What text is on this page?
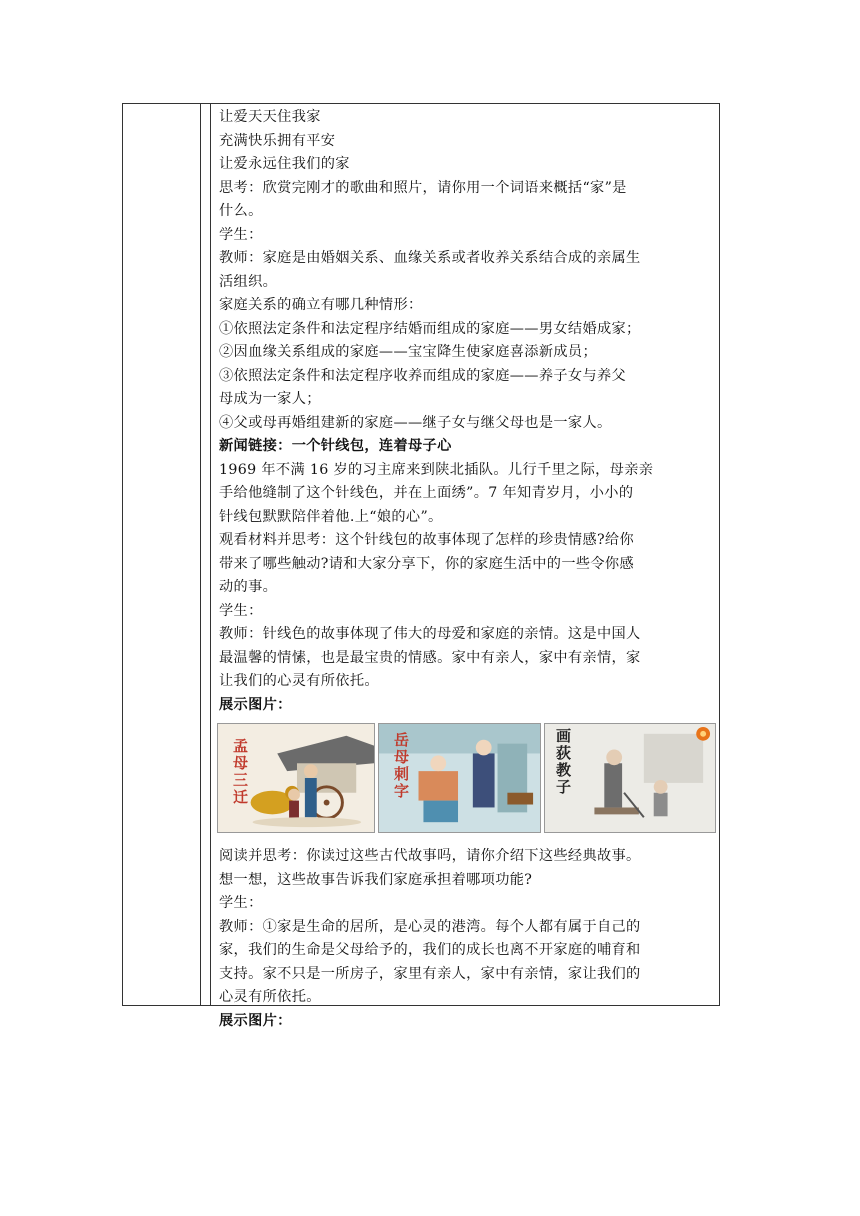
让爱天天住我家
充满快乐拥有平安
让爱永远住我们的家
思考：欣赏完刚才的歌曲和照片，请你用一个词语来概括“家”是
什么。
学生：
教师：家庭是由婚姻关系、血缘关系或者收养关系结合成的亲属生
活组织。
家庭关系的确立有哪几种情形：
①依照法定条件和法定程序结婚而组成的家庭——男女结婚成家；
②因血缘关系组成的家庭——宝宝降生使家庭喜添新成员；
③依照法定条件和法定程序收养而组成的家庭——养子女与养父
母成为一家人；
④父或母再婚组建新的家庭——继子女与继父母也是一家人。
新闻链接：一个针线包，连着母子心
1969 年不满 16 岁的习主席来到陕北插队。儿行千里之际，母亲亲
手给他缝制了这个针线色，并在上面绣”。7 年知青岁月，小小的
针线包默默陪伴着他.上“娘的心”。
观看材料并思考：这个针线包的故事体现了怎样的珍贵情感?给你
带来了哪些触动?请和大家分享下，你的家庭生活中的一些令你感
动的事。
学生：
教师：针线色的故事体现了伟大的母爱和家庭的亲情。这是中国人
最温馨的情愫，也是最宝贵的情感。家中有亲人，家中有亲情，家
让我们的心灵有所依托。
展示图片：
孟母三迁	岳母刺字	画荻教子
阅读并思考：你读过这些古代故事吗，请你介绍下这些经典故事。
想一想，这些故事告诉我们家庭承担着哪项功能?
学生：
教师：①家是生命的居所，是心灵的港湾。每个人都有属于自己的
家，我们的生命是父母给予的，我们的成长也离不开家庭的哺育和
支持。家不只是一所房子，家里有亲人，家中有亲情，家让我们的
心灵有所依托。
展示图片：
